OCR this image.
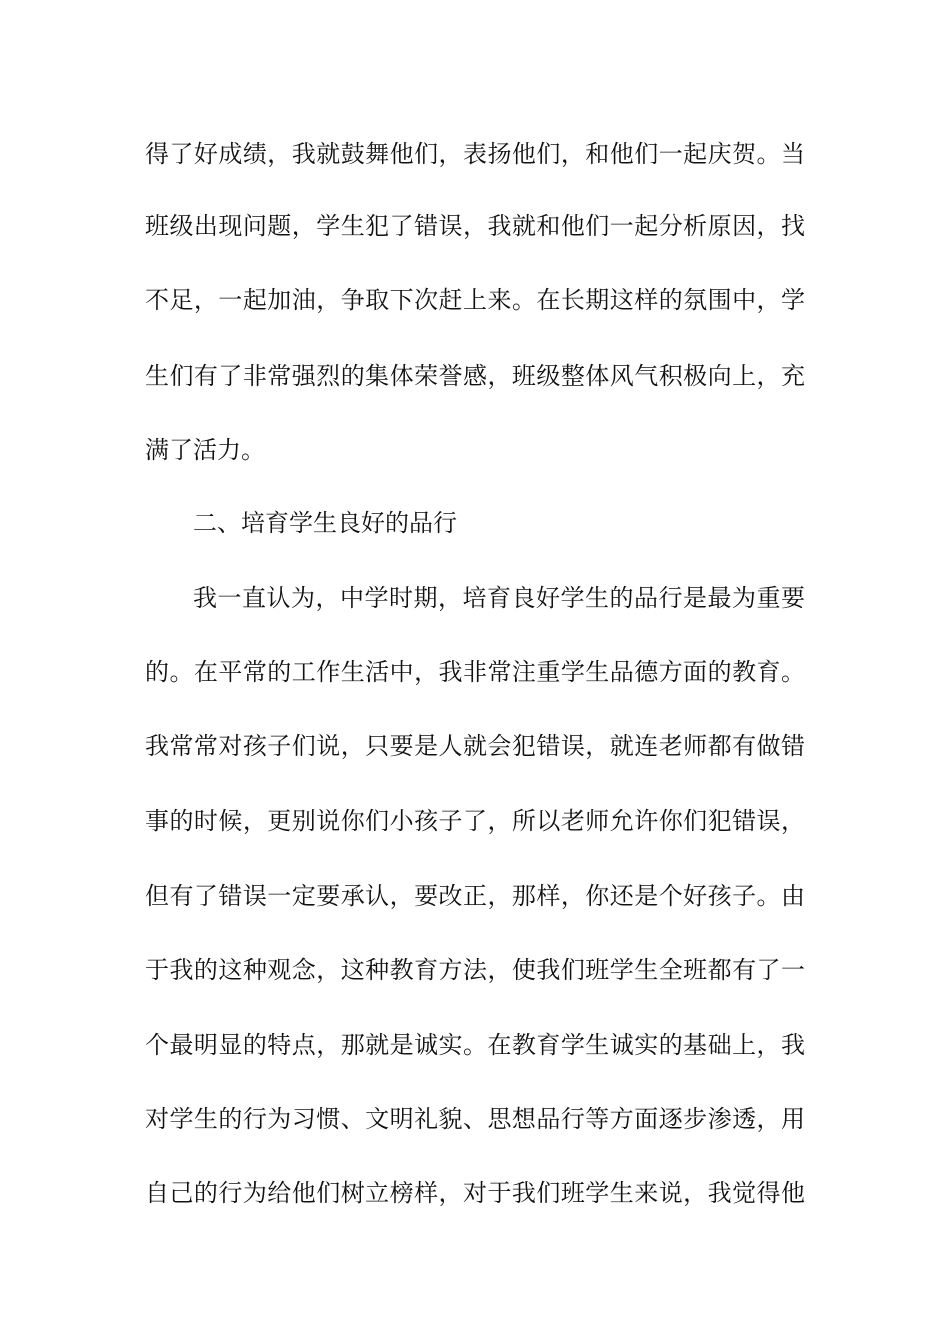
得了好成绩，我就鼓舞他们，表扬他们，和他们一起庆贺。当
班级出现问题，学生犯了错误，我就和他们一起分析原因，找
不足，一起加油，争取下次赶上来。在长期这样的氛围中，学
生们有了非常强烈的集体荣誉感，班级整体风气积极向上，充
满了活力。
二、培育学生良好的品行
我一直认为，中学时期，培育良好学生的品行是最为重要
的。在平常的工作生活中，我非常注重学生品德方面的教育。
我常常对孩子们说，只要是人就会犯错误，就连老师都有做错
事的时候，更别说你们小孩子了，所以老师允许你们犯错误，
但有了错误一定要承认，要改正，那样，你还是个好孩子。由
于我的这种观念，这种教育方法，使我们班学生全班都有了一
个最明显的特点，那就是诚实。在教育学生诚实的基础上，我
对学生的行为习惯、文明礼貌、思想品行等方面逐步渗透，用
自己的行为给他们树立榜样，对于我们班学生来说，我觉得他
